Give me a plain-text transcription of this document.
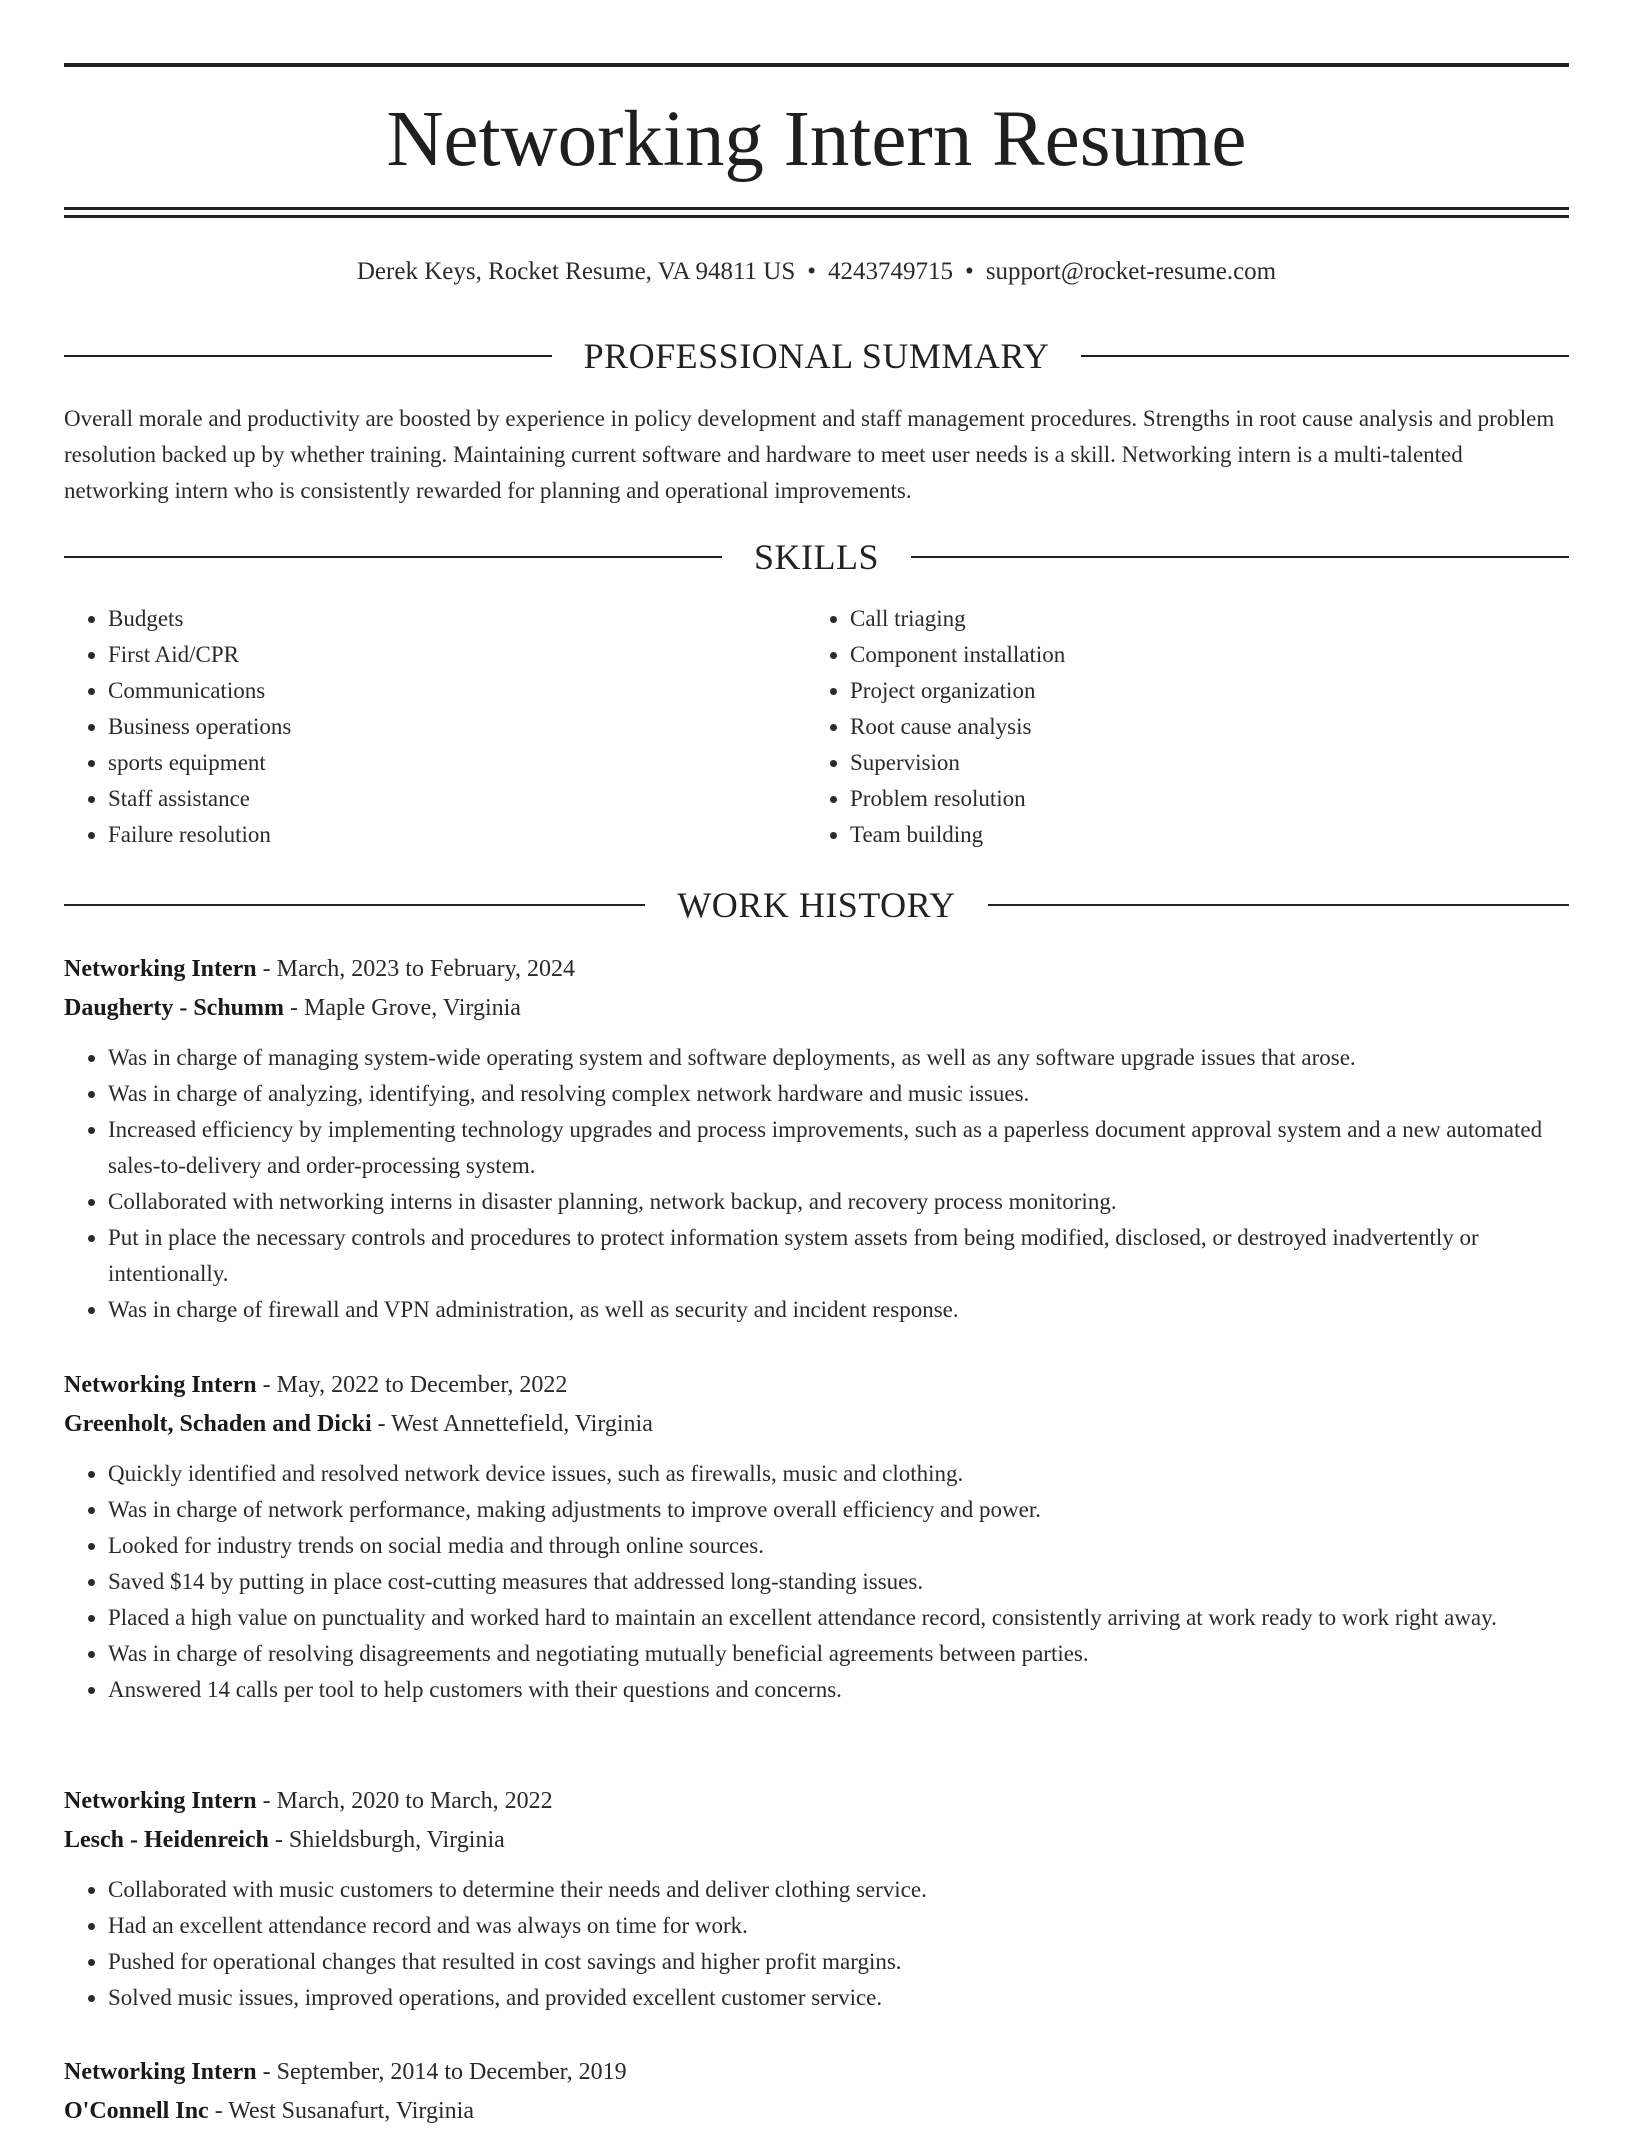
Networking Intern Resume
Derek Keys, Rocket Resume, VA 94811 US • 4243749715 • support@rocket-resume.com
PROFESSIONAL SUMMARY
Overall morale and productivity are boosted by experience in policy development and staff management procedures. Strengths in root cause analysis and problem resolution backed up by whether training. Maintaining current software and hardware to meet user needs is a skill. Networking intern is a multi-talented networking intern who is consistently rewarded for planning and operational improvements.
SKILLS
• Budgets
• First Aid/CPR
• Communications
• Business operations
• sports equipment
• Staff assistance
• Failure resolution
• Call triaging
• Component installation
• Project organization
• Root cause analysis
• Supervision
• Problem resolution
• Team building
WORK HISTORY
Networking Intern - March, 2023 to February, 2024
Daugherty - Schumm - Maple Grove, Virginia
• Was in charge of managing system-wide operating system and software deployments, as well as any software upgrade issues that arose.
• Was in charge of analyzing, identifying, and resolving complex network hardware and music issues.
• Increased efficiency by implementing technology upgrades and process improvements, such as a paperless document approval system and a new automated sales-to-delivery and order-processing system.
• Collaborated with networking interns in disaster planning, network backup, and recovery process monitoring.
• Put in place the necessary controls and procedures to protect information system assets from being modified, disclosed, or destroyed inadvertently or intentionally.
• Was in charge of firewall and VPN administration, as well as security and incident response.
Networking Intern - May, 2022 to December, 2022
Greenholt, Schaden and Dicki - West Annettefield, Virginia
• Quickly identified and resolved network device issues, such as firewalls, music and clothing.
• Was in charge of network performance, making adjustments to improve overall efficiency and power.
• Looked for industry trends on social media and through online sources.
• Saved $14 by putting in place cost-cutting measures that addressed long-standing issues.
• Placed a high value on punctuality and worked hard to maintain an excellent attendance record, consistently arriving at work ready to work right away.
• Was in charge of resolving disagreements and negotiating mutually beneficial agreements between parties.
• Answered 14 calls per tool to help customers with their questions and concerns.
Networking Intern - March, 2020 to March, 2022
Lesch - Heidenreich - Shieldsburgh, Virginia
• Collaborated with music customers to determine their needs and deliver clothing service.
• Had an excellent attendance record and was always on time for work.
• Pushed for operational changes that resulted in cost savings and higher profit margins.
• Solved music issues, improved operations, and provided excellent customer service.
Networking Intern - September, 2014 to December, 2019
O'Connell Inc - West Susanafurt, Virginia
